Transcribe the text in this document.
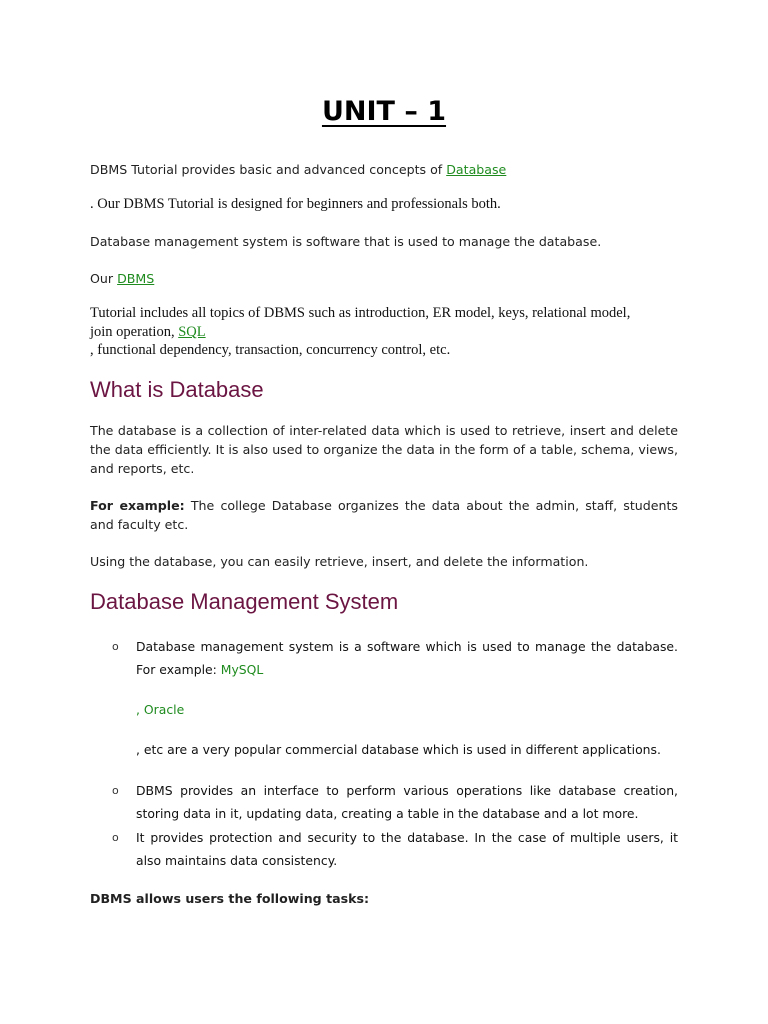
UNIT – 1

DBMS Tutorial provides basic and advanced concepts of Database

. Our DBMS Tutorial is designed for beginners and professionals both.

Database management system is software that is used to manage the database.

Our DBMS

Tutorial includes all topics of DBMS such as introduction, ER model, keys, relational model,

join operation, SQL

, functional dependency, transaction, concurrency control, etc.

What is Database

The database is a collection of inter-related data which is used to retrieve, insert and delete the data efficiently. It is also used to organize the data in the form of a table, schema, views, and reports, etc.

For example: The college Database organizes the data about the admin, staff, students and faculty etc.

Using the database, you can easily retrieve, insert, and delete the information.

Database Management System
o Database management system is a software which is used to manage the database. For example: MySQL

, Oracle

, etc are a very popular commercial database which is used in different applications.

o DBMS provides an interface to perform various operations like database creation, storing data in it, updating data, creating a table in the database and a lot more.

o It provides protection and security to the database. In the case of multiple users, it also maintains data consistency.

DBMS allows users the following tasks:
